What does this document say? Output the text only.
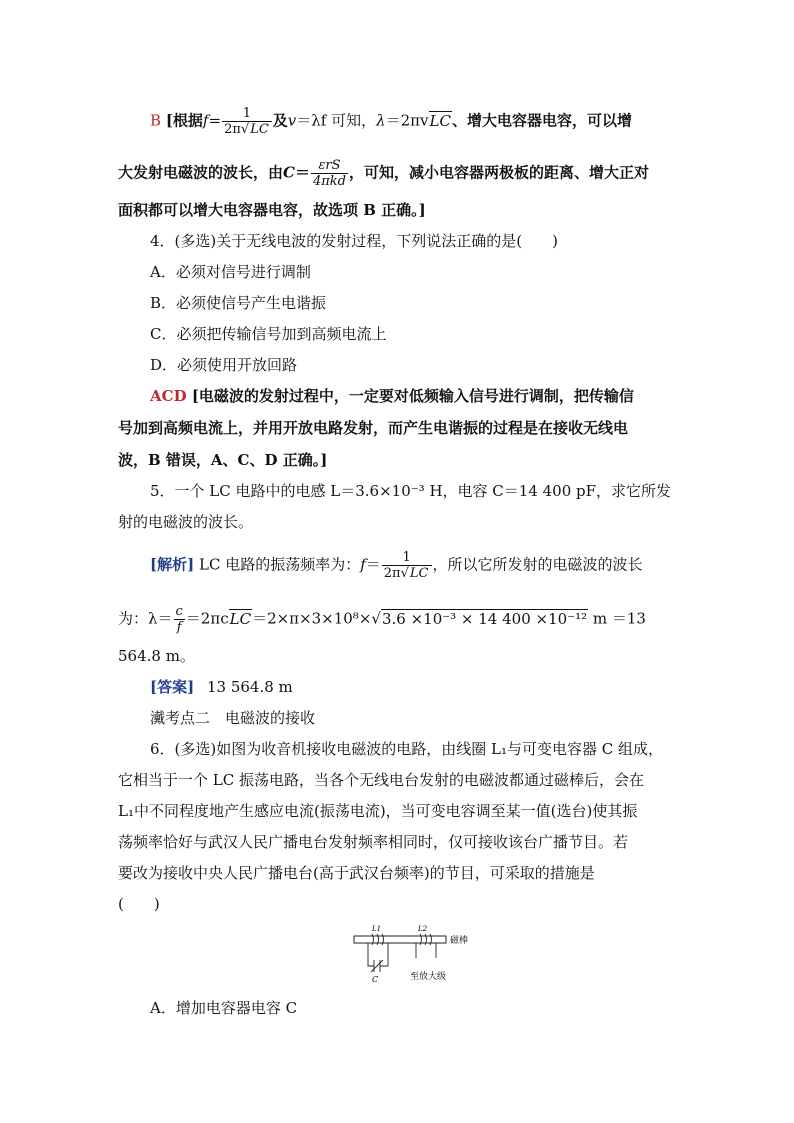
B [根据$f= \frac{1}{2\pi√LC}$ 及v＝λf 可知，λ＝2πvLC、增大电容器电容，可以增
大发射电磁波的波长，由$C= \frac{\text{εrS}}{\text{4πkd}}$ ，可知，减小电容器两极板的距离、增大正对
面积都可以增大电容器电容，故选项 B 正确。]
4．(多选)关于无线电波的发射过程，下列说法正确的是(　　)
A．必须对信号进行调制
B．必须使信号产生电谐振
C．必须把传输信号加到高频电流上
D．必须使用开放回路
ACD [电磁波的发射过程中，一定要对低频输入信号进行调制，把传输信
号加到高频电流上，并用开放电路发射，而产生电谐振的过程是在接收无线电
波，B 错误，A、C、D 正确。]
5．一个 LC 电路中的电感 L＝3.6×10⁻³ H，电容 C＝14 400 pF，求它所发
射的电磁波的波长。
[解析] LC 电路的振荡频率为：$f= \frac{1}{2\pi√LC}$ ，所以它所发射的电磁波的波长
为：$\lambda= \frac{c}{f} =2\pi cLC=2\times\pi\times 3\times 10^8\times√3.6 \times 10^{-3} \times 14$ 400 ×10⁻¹² m ＝13
564.8 m。
[答案] 13 564.8 m
瀻考点二　电磁波的接收
6．(多选)如图为收音机接收电磁波的电路，由线圈 L₁与可变电容器 C 组成，
它相当于一个 LC 振荡电路，当各个无线电台发射的电磁波都通过磁棒后，会在
L₁中不同程度地产生感应电流(振荡电流)，当可变电容调至某一值(选台)使其振
荡频率恰好与武汉人民广播电台发射频率相同时，仅可接收该台广播节目。若
要改为接收中央人民广播电台(高于武汉台频率)的节目，可采取的措施是
(　　)
L1	L2
磁棒
C	至放大级
A．增加电容器电容 C
